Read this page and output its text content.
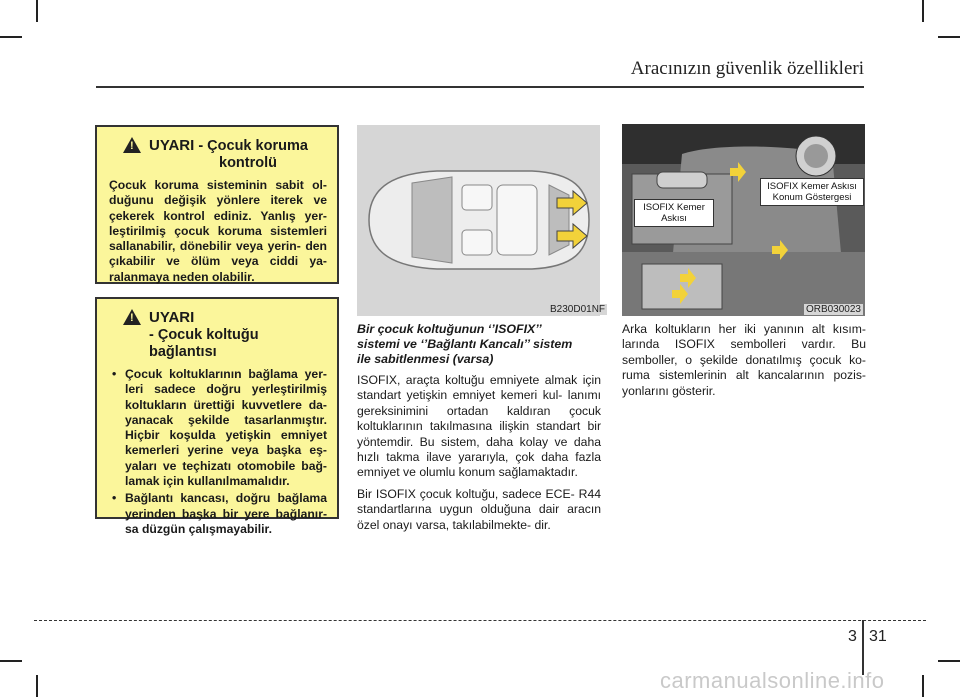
Aracınızın güvenlik özellikleri
!
UYARI - Çocuk koruma
kontrolü
Çocuk koruma sisteminin sabit ol- duğunu değişik yönlere iterek ve çekerek kontrol ediniz. Yanlış yer- leştirilmiş çocuk koruma sistemleri sallanabilir, dönebilir veya yerin- den çıkabilir ve ölüm veya ciddi ya- ralanmaya neden olabilir.
!
UYARI
- Çocuk koltuğu bağlantısı
• Çocuk koltuklarının bağlama yer- leri sadece doğru yerleştirilmiş koltukların ürettiği kuvvetlere da- yanacak şekilde tasarlanmıştır. Hiçbir koşulda yetişkin emniyet kemerleri yerine veya başka eş- yaları ve teçhizatı otomobile bağ- lamak için kullanılmamalıdır.
• Bağlantı kancası, doğru bağlama yerinden başka bir yere bağlanır- sa düzgün çalışmayabilir.
B230D01NF
ISOFIX Kemer
Askısı
ISOFIX Kemer Askısı
Konum Göstergesi
ORB030023
Bir çocuk koltuğunun ‘’ISOFIX’’
sistemi ve ‘’Bağlantı Kancalı’’ sistem
ile sabitlenmesi (varsa)

ISOFIX, araçta koltuğu emniyete almak için standart yetişkin emniyet kemeri kul- lanımı gereksinimini ortadan kaldıran çocuk koltuklarının takılmasına ilişkin standart bir yöntemdir. Bu sistem, daha kolay ve daha hızlı takma ilave yararıyla, çok daha fazla emniyet ve olumlu konum sağlamaktadır.

Bir ISOFIX çocuk koltuğu, sadece ECE- R44 standartlarına uygun olduğuna dair aracın özel onayı varsa, takılabilmekte- dir.

Arka koltukların her iki yanının alt kısım- larında ISOFIX sembolleri vardır. Bu semboller, o şekilde donatılmış çocuk ko- ruma sistemlerinin alt kancalarının pozis- yonlarını gösterir.

3 31
carmanualsonline.info
